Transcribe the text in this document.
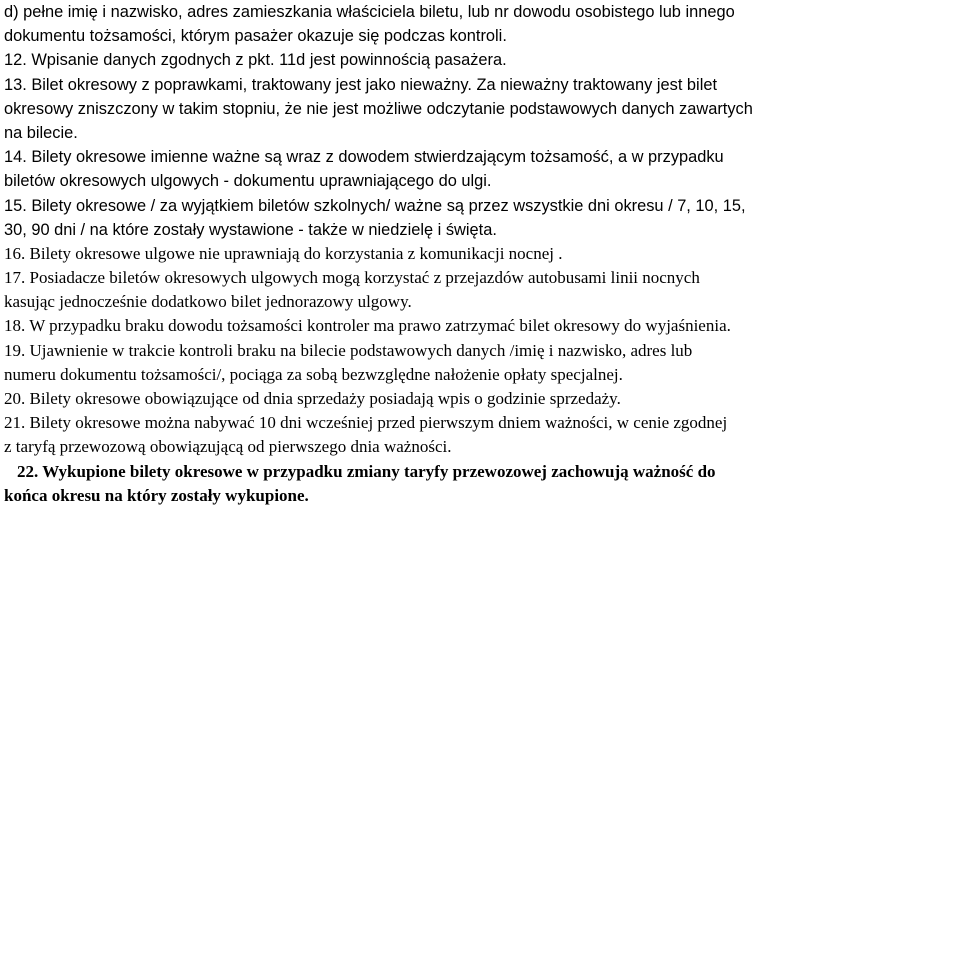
d) pełne imię i nazwisko, adres zamieszkania właściciela biletu, lub nr dowodu osobistego lub innego
dokumentu tożsamości, którym pasażer okazuje się podczas kontroli.
12. Wpisanie danych zgodnych z pkt. 11d jest powinnością pasażera.
13. Bilet okresowy z poprawkami, traktowany jest jako nieważny. Za nieważny traktowany jest bilet
okresowy zniszczony w takim stopniu, że nie jest możliwe odczytanie podstawowych danych zawartych
na bilecie.
14. Bilety okresowe imienne ważne są wraz z dowodem stwierdzającym tożsamość, a w przypadku
biletów okresowych ulgowych - dokumentu uprawniającego do ulgi.
15. Bilety okresowe / za wyjątkiem biletów szkolnych/ ważne są przez wszystkie dni okresu / 7, 10, 15,
30, 90 dni / na które zostały wystawione - także w niedzielę i święta.
16. Bilety okresowe ulgowe nie uprawniają do korzystania z komunikacji nocnej .
17. Posiadacze biletów okresowych ulgowych mogą korzystać z przejazdów autobusami linii nocnych
kasując jednocześnie dodatkowo bilet jednorazowy ulgowy.
18. W przypadku braku dowodu tożsamości kontroler ma prawo zatrzymać bilet okresowy do wyjaśnienia.
19. Ujawnienie w trakcie kontroli braku na bilecie podstawowych danych /imię i nazwisko, adres lub
numeru dokumentu tożsamości/, pociąga za sobą bezwzględne nałożenie opłaty specjalnej.
20. Bilety okresowe obowiązujące od dnia sprzedaży posiadają wpis o godzinie sprzedaży.
21. Bilety okresowe można nabywać 10 dni wcześniej przed pierwszym dniem ważności, w cenie zgodnej
z taryfą przewozową obowiązującą od pierwszego dnia ważności.
22. Wykupione bilety okresowe w przypadku zmiany taryfy przewozowej zachowują ważność do
końca okresu na który zostały wykupione.
